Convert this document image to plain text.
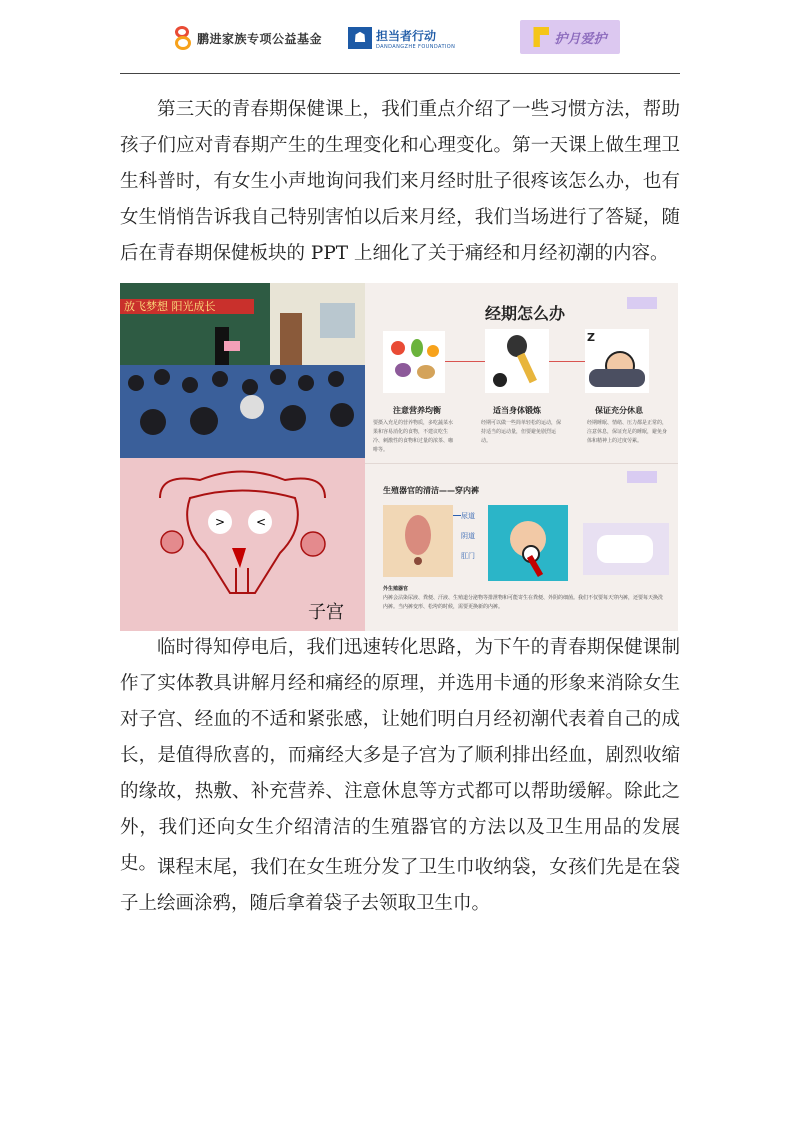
鹏进家族专项公益基金	☗ 担当者行动
DANDANGZHE FOUNDATION	护月爱护

第三天的青春期保健课上，我们重点介绍了一些习惯方法，帮助孩子们应对青春期产生的生理变化和心理变化。第一天课上做生理卫生科普时，有女生小声地询问我们来月经时肚子很疼该怎么办，也有女生悄悄告诉我自己特别害怕以后来月经，我们当场进行了答疑，随后在青春期保健板块的 PPT 上细化了关于痛经和月经初潮的内容。

放飞梦想 阳光成长
>	<
子宫
经期怎么办
Z
注意营养均衡	适当身体锻炼	保证充分休息
要摄入充足的营养物质，多吃蔬菜水果和容易消化的食物，不建议吃生冷、刺激性的食物和过量的浓茶、咖啡等。
经期可以做一些简单轻松的运动，保持适当的运动量，但要避免剧烈运动。
经期睡眠、情绪、压力都是正常的，注意休息，保证充足的睡眠，避免身体和精神上的过度劳累。
生殖器官的清洁——穿内裤
尿道
阴道
肛门
外生殖器官
内裤会沾染尿液、粪便、汗液、生殖道分泌物等排泄物和可能寄生在粪便、外阴的细菌。我们不仅要每天穿内裤，还要每天换洗内裤。当内裤变形、松垮的时候，需要更换新的内裤。

临时得知停电后，我们迅速转化思路，为下午的青春期保健课制作了实体教具讲解月经和痛经的原理，并选用卡通的形象来消除女生对子宫、经血的不适和紧张感，让她们明白月经初潮代表着自己的成长，是值得欣喜的，而痛经大多是子宫为了顺利排出经血，剧烈收缩的缘故，热敷、补充营养、注意休息等方式都可以帮助缓解。除此之外，我们还向女生介绍清洁的生殖器官的方法以及卫生用品的发展史。 课程末尾，我们在女生班分发了卫生巾收纳袋，女孩们先是在袋子上绘画涂鸦，随后拿着袋子去领取卫生巾。
